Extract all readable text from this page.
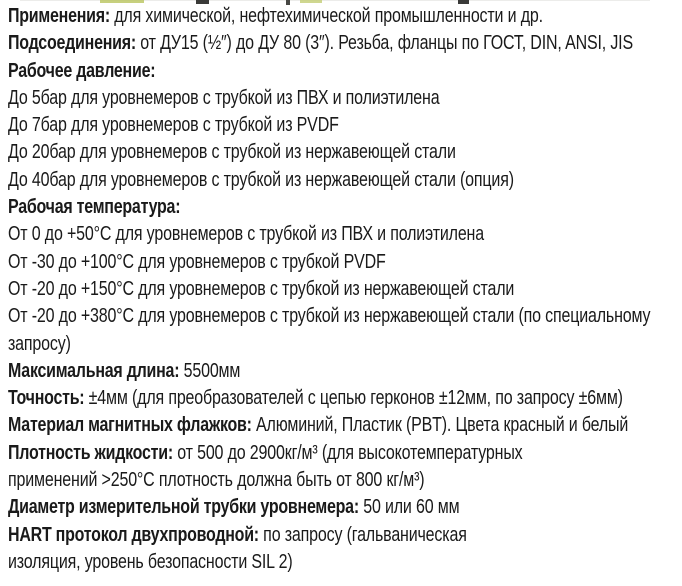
Применения: для химической, нефтехимической промышленности и др.

Подсоединения: от ДУ15 (½″) до ДУ 80 (3″). Резьба, фланцы по ГОСТ, DIN, ANSI, JIS

Рабочее давление:

До 5бар для уровнемеров с трубкой из ПВХ и полиэтилена

До 7бар для уровнемеров с трубкой из PVDF

До 20бар для уровнемеров с трубкой из нержавеющей стали

До 40бар для уровнемеров с трубкой из нержавеющей стали (опция)

Рабочая температура:

От 0 до +50°C для уровнемеров с трубкой из ПВХ и полиэтилена

От -30 до +100°C для уровнемеров с трубкой PVDF

От -20 до +150°C для уровнемеров с трубкой из нержавеющей стали

От -20 до +380°C для уровнемеров с трубкой из нержавеющей стали (по специальному

запросу)

Максимальная длина: 5500мм

Точность: ±4мм (для преобразователей с цепью герконов ±12мм, по запросу ±6мм)

Материал магнитных флажков: Алюминий, Пластик (PBT). Цвета красный и белый

Плотность жидкости: от 500 до 2900кг/м³ (для высокотемпературных

применений >250°C плотность должна быть от 800 кг/м³)

Диаметр измерительной трубки уровнемера: 50 или 60 мм

HART протокол двухпроводной: по запросу (гальваническая

изоляция, уровень безопасности SIL 2)
